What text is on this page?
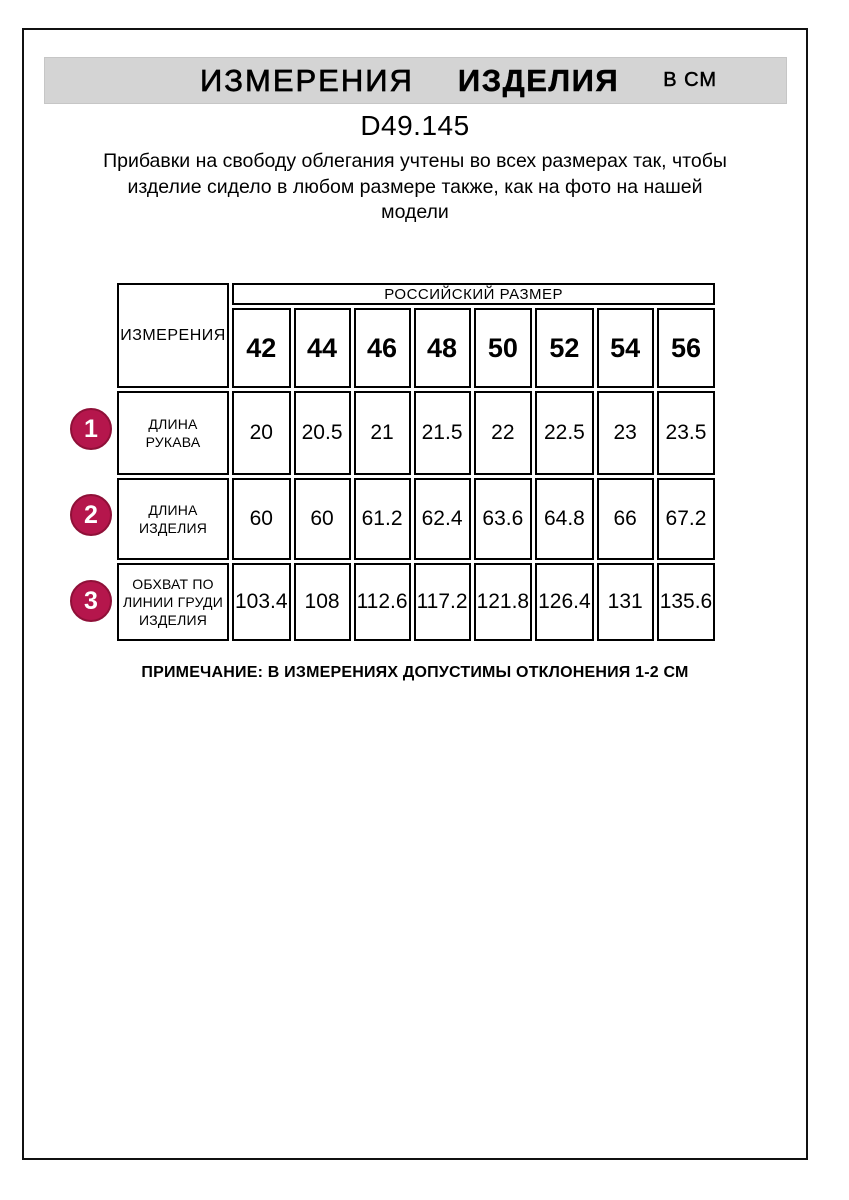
ИЗМЕРЕНИЯ ИЗДЕЛИЯ В СМ
D49.145
Прибавки на свободу облегания учтены во всех размерах так, чтобы
изделие сидело в любом размере также, как на фото на нашей
модели
1
2
3
ИЗМЕРЕНИЯ	РОССИЙСКИЙ РАЗМЕР							
	42	44	46	48	50	52	54	56
ДЛИНА РУКАВА	20	20.5	21	21.5	22	22.5	23	23.5
ДЛИНА ИЗДЕЛИЯ	60	60	61.2	62.4	63.6	64.8	66	67.2
ОБХВАТ ПО ЛИНИИ ГРУДИ ИЗДЕЛИЯ	103.4	108	112.6	117.2	121.8	126.4	131	135.6
ПРИМЕЧАНИЕ: В ИЗМЕРЕНИЯХ ДОПУСТИМЫ ОТКЛОНЕНИЯ 1-2 СМ
